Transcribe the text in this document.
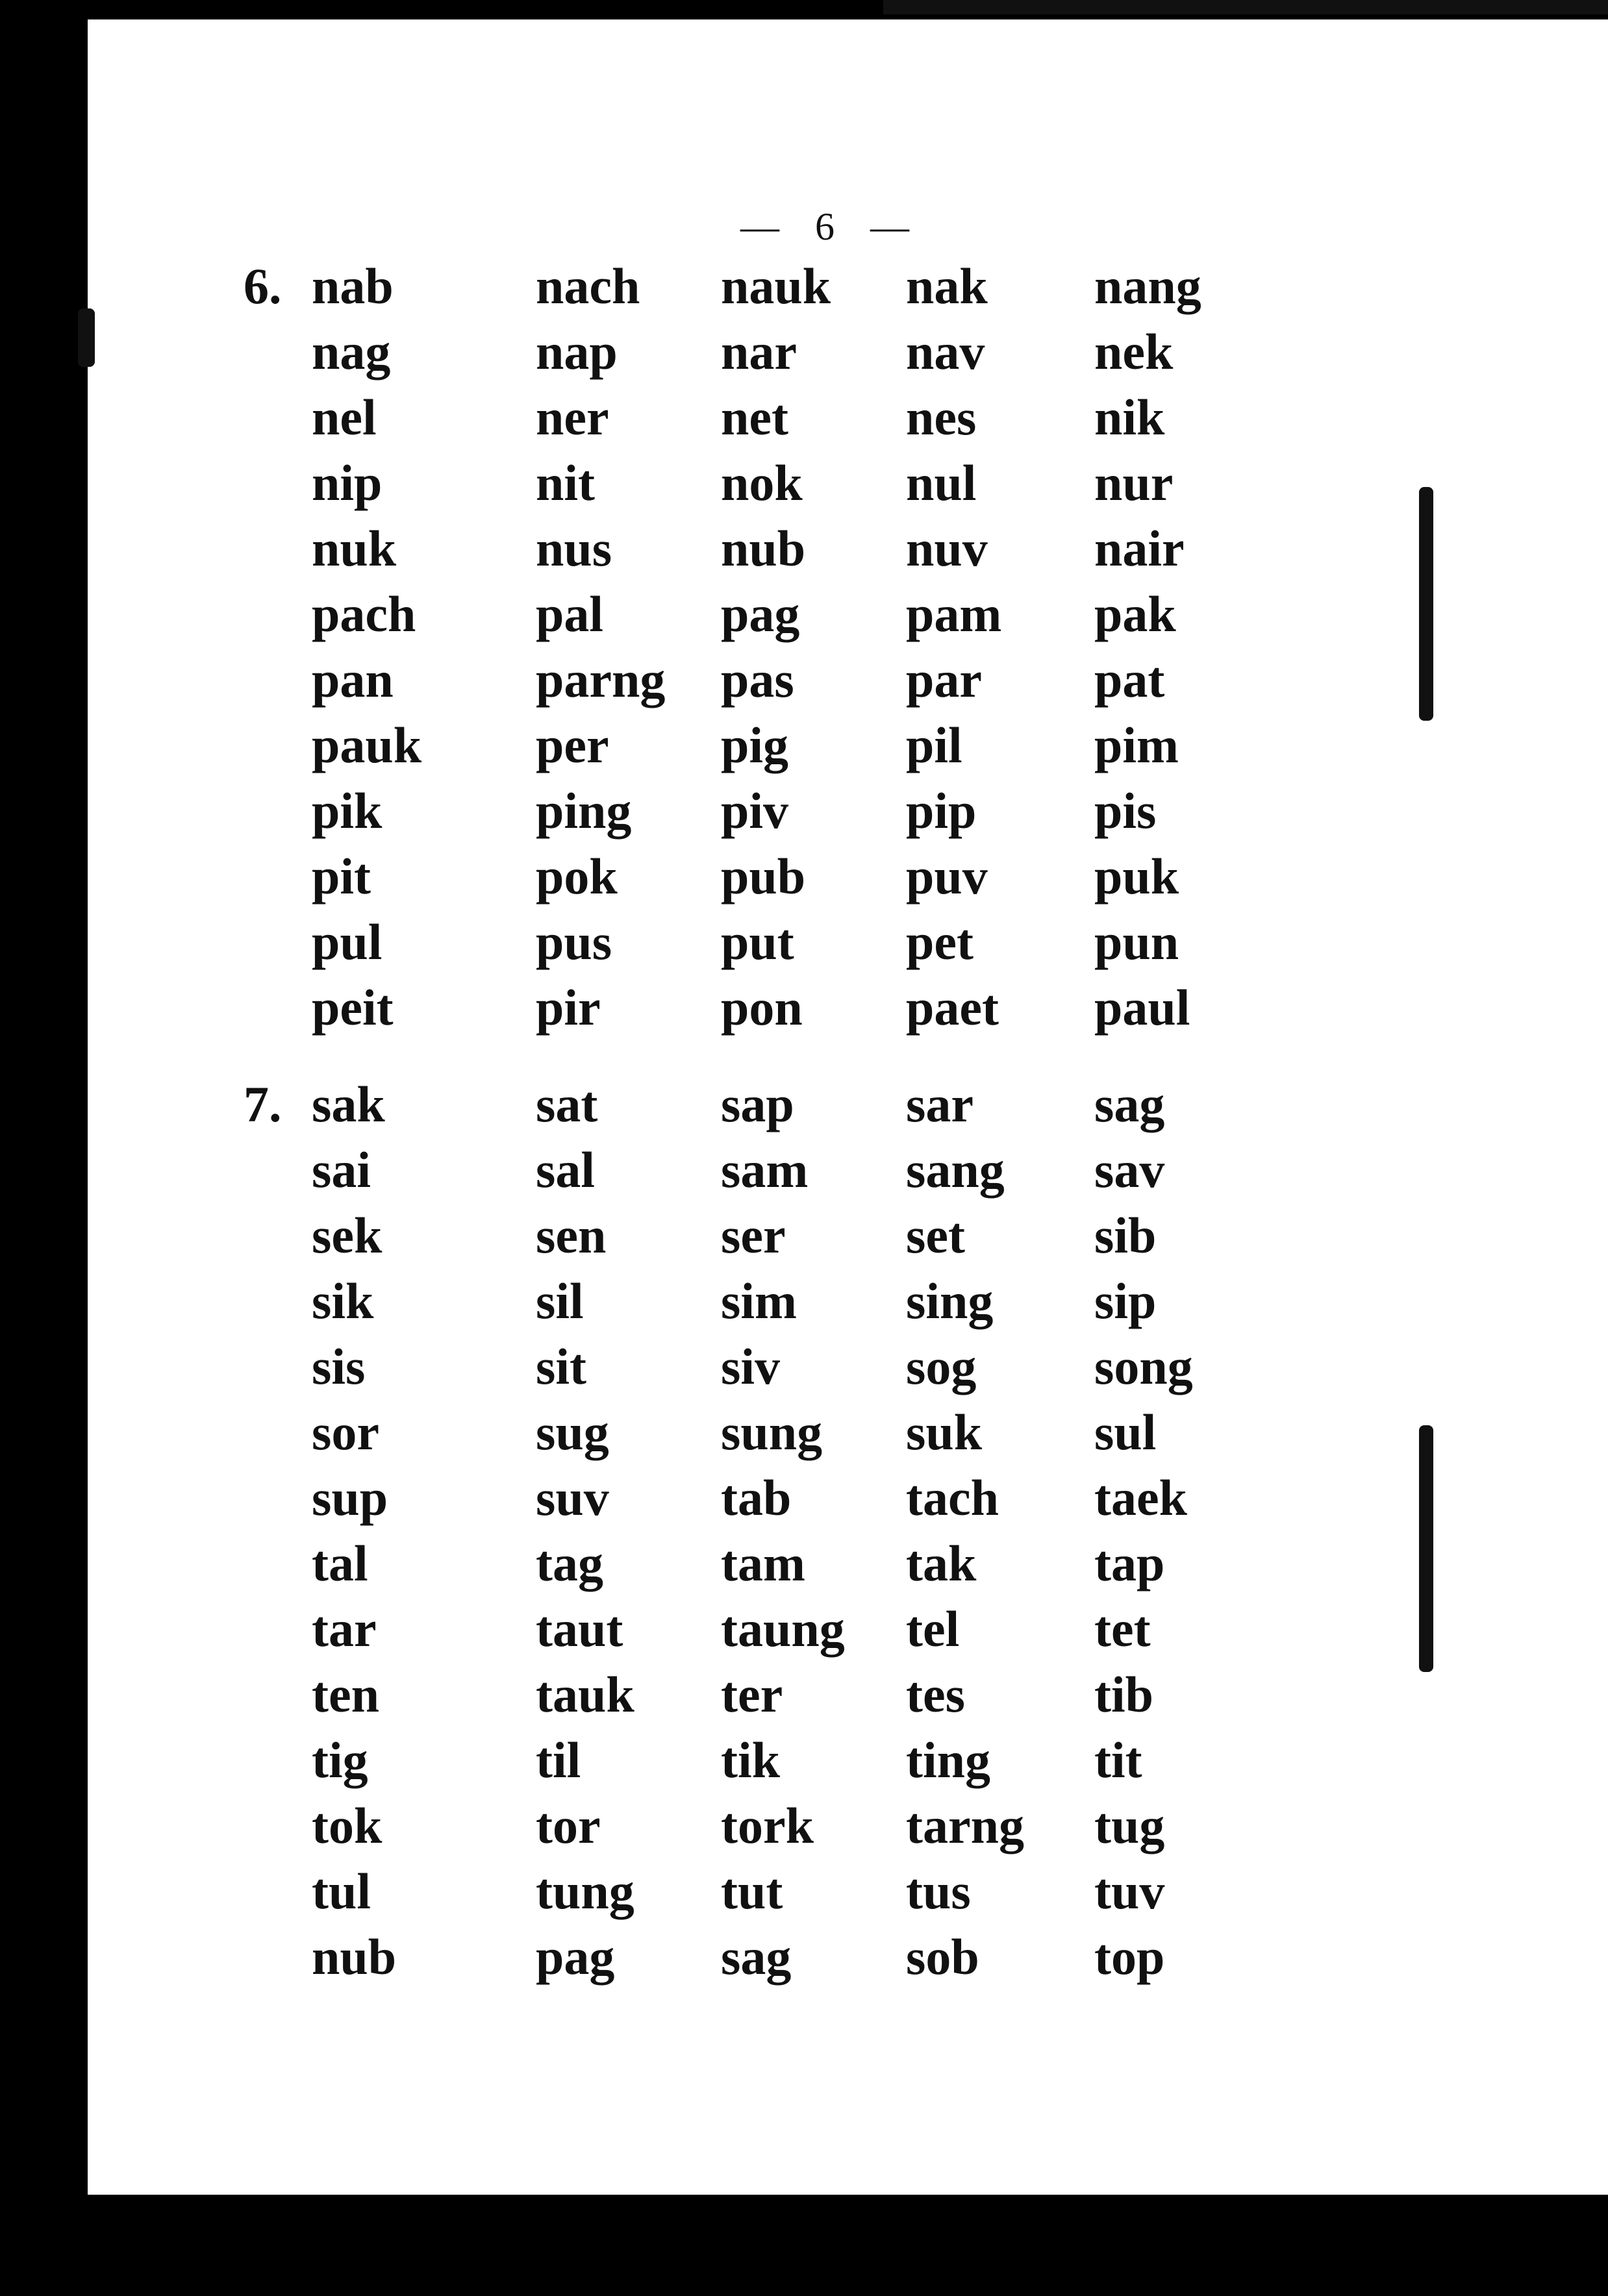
— 6 —
6.	nab	nach	nauk	nak	nang
	nag	nap	nar	nav	nek
	nel	ner	net	nes	nik
	nip	nit	nok	nul	nur
	nuk	nus	nub	nuv	nair
	pach	pal	pag	pam	pak
	pan	parng	pas	par	pat
	pauk	per	pig	pil	pim
	pik	ping	piv	pip	pis
	pit	pok	pub	puv	puk
	pul	pus	put	pet	pun
	peit	pir	pon	paet	paul

7.	sak	sat	sap	sar	sag
	sai	sal	sam	sang	sav
	sek	sen	ser	set	sib
	sik	sil	sim	sing	sip
	sis	sit	siv	sog	song
	sor	sug	sung	suk	sul
	sup	suv	tab	tach	taek
	tal	tag	tam	tak	tap
	tar	taut	taung	tel	tet
	ten	tauk	ter	tes	tib
	tig	til	tik	ting	tit
	tok	tor	tork	tarng	tug
	tul	tung	tut	tus	tuv
	nub	pag	sag	sob	top
